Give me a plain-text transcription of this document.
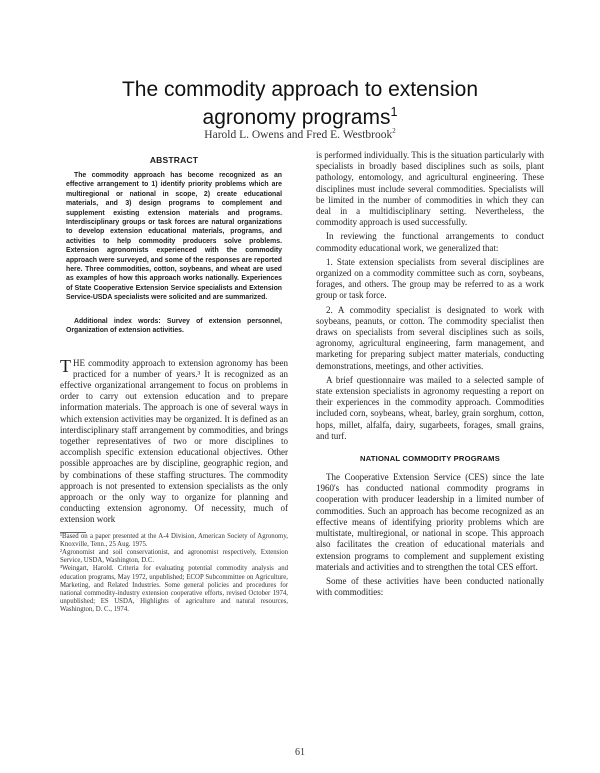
The commodity approach to extension
agronomy programs$^1$
Harold L. Owens and Fred E. Westbrook$^2$
ABSTRACT

The commodity approach has become recognized as an effective arrangement to 1) identify priority problems which are multiregional or national in scope, 2) create educational materials, and 3) design programs to complement and supplement existing extension materials and programs. Interdisciplinary groups or task forces are natural organizations to develop extension educational materials, programs, and activities to help commodity producers solve problems. Extension agronomists experienced with the commodity approach were surveyed, and some of the responses are reported here. Three commodities, cotton, soybeans, and wheat are used as examples of how this approach works nationally. Experiences of State Cooperative Extension Service specialists and Extension Service-USDA specialists were solicited and are summarized.

Additional index words: Survey of extension personnel, Organization of extension activities.

T HE commodity approach to extension agronomy has been practiced for a number of years.³ It is recognized as an effective organizational arrangement to focus on problems in order to carry out extension education and to prepare information materials. The approach is one of several ways in which extension activities may be organized. It is defined as an interdisciplinary staff arrangement by commodities, and brings together representatives of two or more disciplines to accomplish specific extension educational objectives. Other possible approaches are by discipline, geographic region, and by combinations of these staffing structures. The commodity approach is not presented to extension specialists as the only approach or the only way to organize for planning and conducting extension agronomy. Of necessity, much of extension work

¹Based on a paper presented at the A-4 Division, American Society of Agronomy, Knoxville, Tenn., 25 Aug. 1975.

²Agronomist and soil conservationist, and agronomist respectively, Extension Service, USDA, Washington, D.C.

³Weingart, Harold. Criteria for evaluating potential commodity analysis and education programs, May 1972, unpublished; ECOP Subcommittee on Agriculture, Marketing, and Related Industries. Some general policies and procedures for national commodity-industry extension cooperative efforts, revised October 1974, unpublished; ES USDA, Highlights of agriculture and natural resources, Washington, D. C., 1974.

is performed individually. This is the situation particularly with specialists in broadly based disciplines such as soils, plant pathology, entomology, and agricultural engineering. These disciplines must include several commodities. Specialists will be limited in the number of commodities in which they can deal in a multidisciplinary setting. Nevertheless, the commodity approach is used successfully.

In reviewing the functional arrangements to conduct commodity educational work, we generalized that:

1. State extension specialists from several disciplines are organized on a commodity committee such as corn, soybeans, forages, and others. The group may be referred to as a work group or task force.

2. A commodity specialist is designated to work with soybeans, peanuts, or cotton. The commodity specialist then draws on specialists from several disciplines such as soils, agronomy, agricultural engineering, farm management, and marketing for preparing subject matter materials, conducting demonstrations, meetings, and other activities.

A brief questionnaire was mailed to a selected sample of state extension specialists in agronomy requesting a report on their experiences in the commodity approach. Commodities included corn, soybeans, wheat, barley, grain sorghum, cotton, hops, millet, alfalfa, dairy, sugarbeets, forages, small grains, and turf.

NATIONAL COMMODITY PROGRAMS

The Cooperative Extension Service (CES) since the late 1960's has conducted national commodity programs in cooperation with producer leadership in a limited number of commodities. Such an approach has become recognized as an effective means of identifying priority problems which are multistate, multiregional, or national in scope. This approach also facilitates the creation of educational materials and extension programs to complement and supplement existing materials and activities and to strengthen the total CES effort.

Some of these activities have been conducted nationally with commodities:

61
